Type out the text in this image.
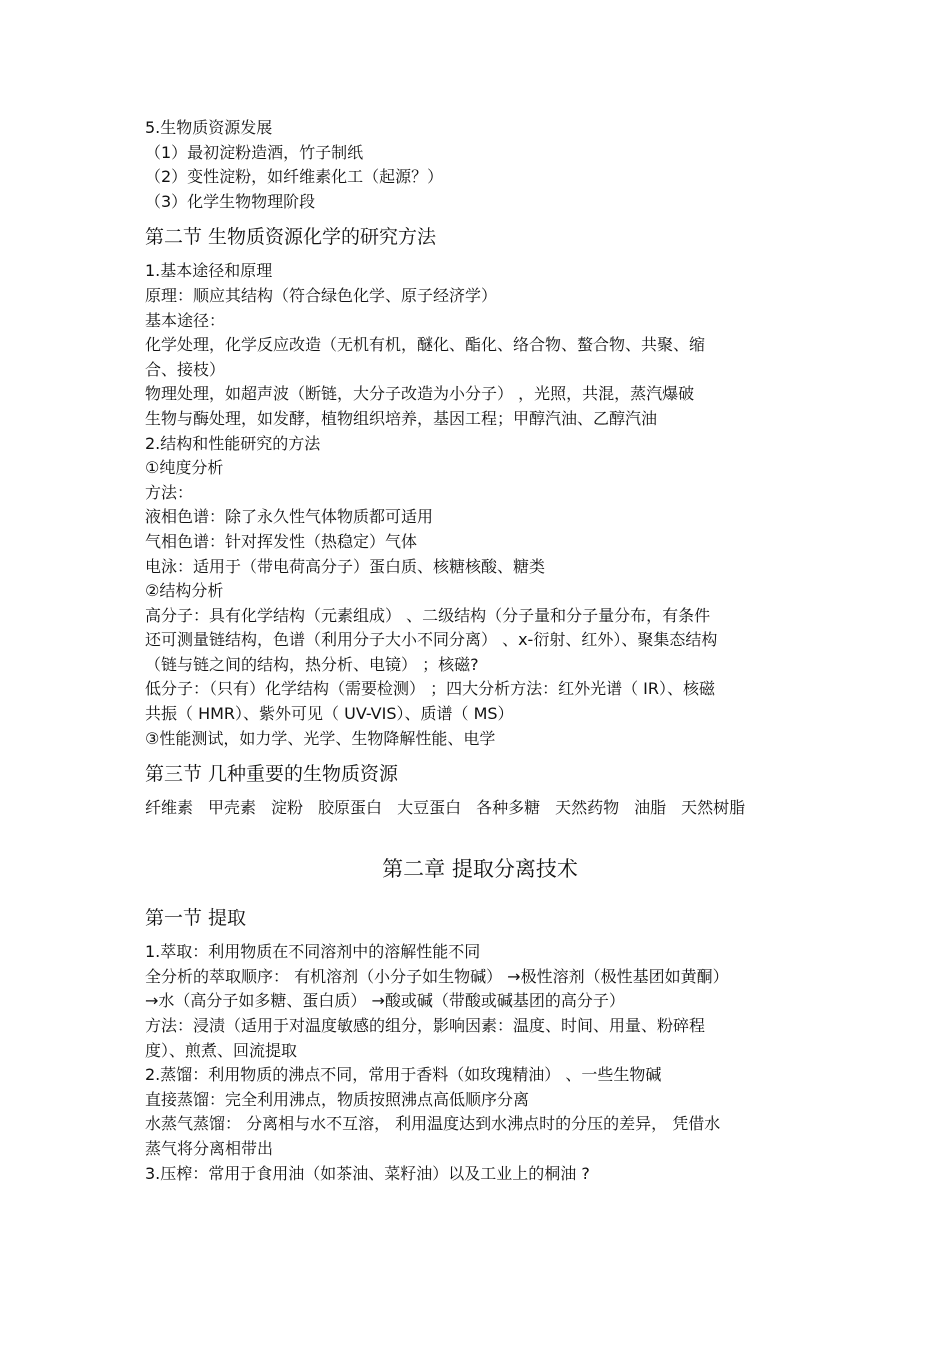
5.生物质资源发展

（1）最初淀粉造酒，竹子制纸

（2）变性淀粉，如纤维素化工（起源？）

（3）化学生物物理阶段

第二节 生物质资源化学的研究方法

1.基本途径和原理

原理：顺应其结构（符合绿色化学、原子经济学）

基本途径：

化学处理，化学反应改造（无机有机，醚化、酯化、络合物、螯合物、共聚、缩

合、接枝）

物理处理，如超声波（断链，大分子改造为小分子） ，光照，共混，蒸汽爆破

生物与酶处理，如发酵，植物组织培养，基因工程；甲醇汽油、乙醇汽油

2.结构和性能研究的方法

①纯度分析

方法：

液相色谱：除了永久性气体物质都可适用

气相色谱：针对挥发性（热稳定）气体

电泳：适用于（带电荷高分子）蛋白质、核糖核酸、糖类

②结构分析

高分子：具有化学结构（元素组成） 、二级结构（分子量和分子量分布，有条件

还可测量链结构，色谱（利用分子大小不同分离） 、x-衍射、红外）、聚集态结构

（链与链之间的结构，热分析、电镜） ；核磁?

低分子：（只有）化学结构（需要检测） ；四大分析方法：红外光谱（ IR）、核磁

共振（ HMR）、紫外可见（ UV-VIS）、质谱（ MS）

③性能测试，如力学、光学、生物降解性能、电学

第三节 几种重要的生物质资源
纤维素 甲壳素 淀粉 胶原蛋白 大豆蛋白 各种多糖 天然药物 油脂 天然树脂
第二章 提取分离技术
第一节 提取

1.萃取：利用物质在不同溶剂中的溶解性能不同

全分析的萃取顺序： 有机溶剂（小分子如生物碱） →极性溶剂（极性基团如黄酮）

→水（高分子如多糖、蛋白质） →酸或碱（带酸或碱基团的高分子）

方法：浸渍（适用于对温度敏感的组分，影响因素：温度、时间、用量、粉碎程

度）、煎煮、回流提取

2.蒸馏：利用物质的沸点不同，常用于香料（如玫瑰精油） 、一些生物碱

直接蒸馏：完全利用沸点，物质按照沸点高低顺序分离

水蒸气蒸馏： 分离相与水不互溶， 利用温度达到水沸点时的分压的差异， 凭借水

蒸气将分离相带出

3.压榨：常用于食用油（如茶油、菜籽油）以及工业上的桐油 ?
